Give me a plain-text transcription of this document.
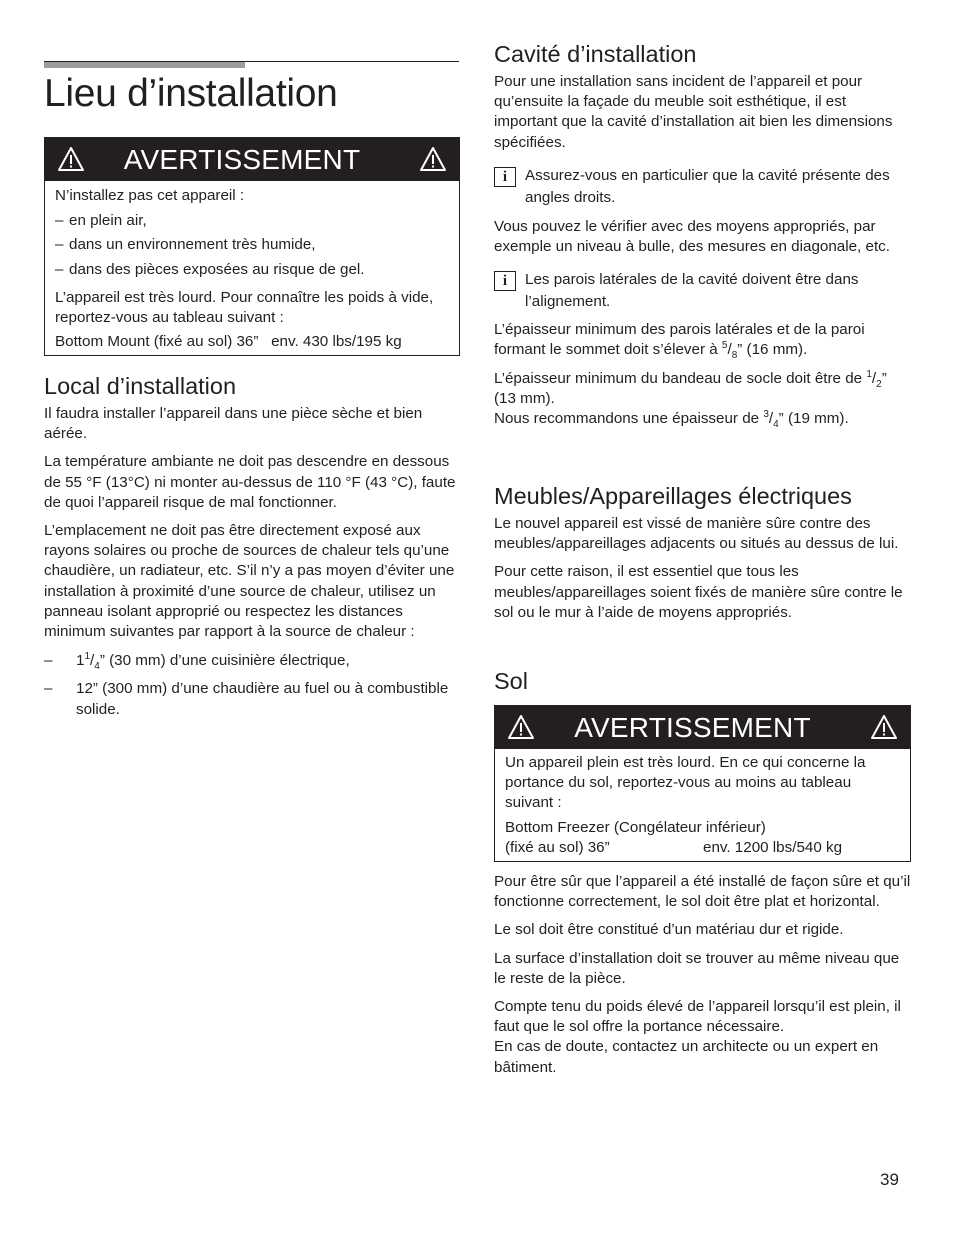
Lieu d’installation
AVERTISSEMENT

N’installez pas cet appareil :

– en plein air,

– dans un environnement très humide,

– dans des pièces exposées au risque de gel.

L’appareil est très lourd. Pour connaître les poids à vide, reportez-vous au tableau suivant :

Bottom Mount (fixé au sol) 36”   env. 430 lbs/195 kg

Local d’installation

Il faudra installer l’appareil dans une pièce sèche et bien aérée.

La température ambiante ne doit pas descendre en dessous de 55 °F (13°C) ni monter au-dessus de 110 °F (43 °C), faute de quoi l’appareil risque de mal fonctionner.

L’emplacement ne doit pas être directement exposé aux rayons solaires ou proche de sources de chaleur tels qu’une chaudière, un radiateur, etc. S’il n’y a pas moyen d’éviter une installation à proximité d’une source de chaleur, utilisez un panneau isolant approprié ou respectez les distances minimum suivantes par rapport à la source de chaleur :

– $1^1/_4$” (30 mm) d’une cuisinière électrique,

– 12” (300 mm) d’une chaudière au fuel ou à combustible solide.

Cavité d’installation

Pour une installation sans incident de l’appareil et pour qu’ensuite la façade du meuble soit esthétique, il est important que la cavité d’installation ait bien les dimensions spécifiées.

i	Assurez-vous en particulier que la cavité présente des angles droits.

Vous pouvez le vérifier avec des moyens appropriés, par exemple un niveau à bulle, des mesures en diagonale, etc.

i	Les parois latérales de la cavité doivent être dans l’alignement.

L’épaisseur minimum des parois latérales et de la paroi formant le sommet doit s’élever à $^5/_8$” (16 mm).

L’épaisseur minimum du bandeau de socle doit être de $^1/_2$” (13 mm).

Nous recommandons une épaisseur de $^3/_4$” (19 mm).

Meubles/Appareillages électriques

Le nouvel appareil est vissé de manière sûre contre des meubles/appareillages adjacents ou situés au dessus de lui.

Pour cette raison, il est essentiel que tous les meubles/appareillages soient fixés de manière sûre contre le sol ou le mur à l’aide de moyens appropriés.

Sol
AVERTISSEMENT

Un appareil plein est très lourd. En ce qui concerne la portance du sol, reportez-vous au moins au tableau suivant :

Bottom Freezer (Congélateur inférieur)

(fixé au sol) 36”	env. 1200 lbs/540 kg

Pour être sûr que l’appareil a été installé de façon sûre et qu’il fonctionne correctement, le sol doit être plat et horizontal.

Le sol doit être constitué d’un matériau dur et rigide.

La surface d’installation doit se trouver au même niveau que le reste de la pièce.

Compte tenu du poids élevé de l’appareil lorsqu’il est plein, il faut que le sol offre la portance nécessaire.

En cas de doute, contactez un architecte ou un expert en bâtiment.

39
